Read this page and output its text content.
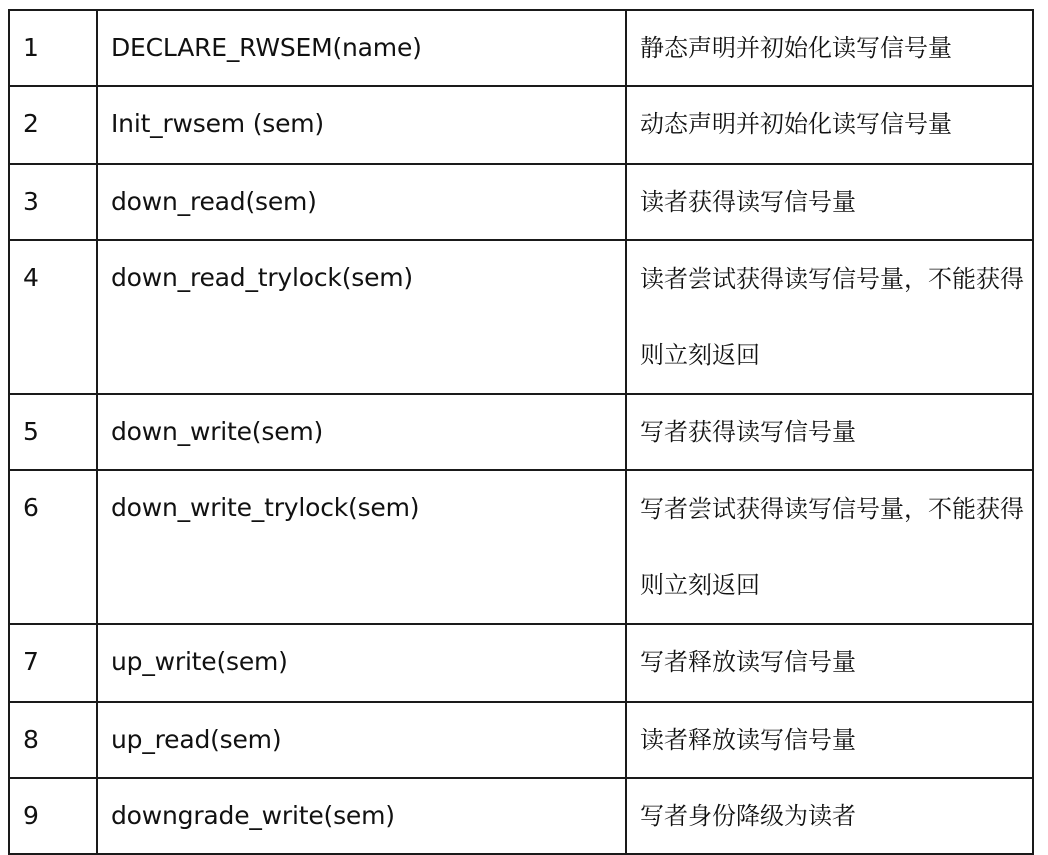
1	DECLARE_RWSEM(name)	静态声明并初始化读写信号量

2	Init_rwsem (sem)	动态声明并初始化读写信号量

3	down_read(sem)	读者获得读写信号量

4	down_read_trylock(sem)	读者尝试获得读写信号量，不能获得则立刻返回

5	down_write(sem)	写者获得读写信号量

6	down_write_trylock(sem)	写者尝试获得读写信号量，不能获得则立刻返回

7	up_write(sem)	写者释放读写信号量

8	up_read(sem)	读者释放读写信号量

9	downgrade_write(sem)	写者身份降级为读者
